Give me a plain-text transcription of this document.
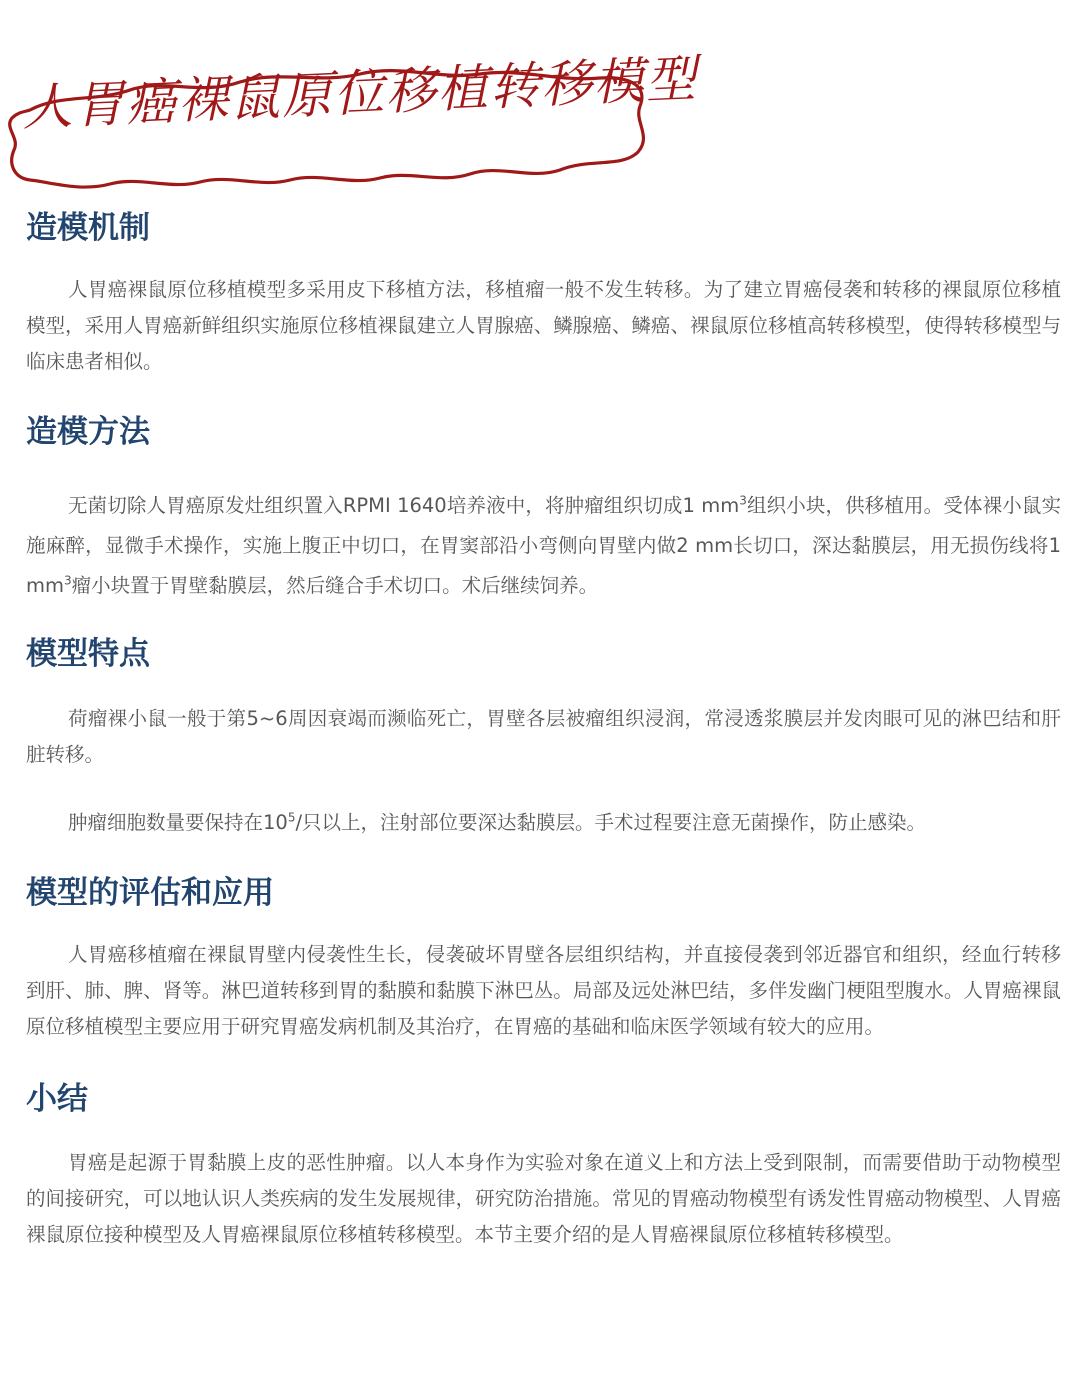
人胃癌裸鼠原位移植转移模型
造模机制

人胃癌裸鼠原位移植模型多采用皮下移植方法，移植瘤一般不发生转移。为了建立胃癌侵袭和转移的裸鼠原位移植模型，采用人胃癌新鲜组织实施原位移植裸鼠建立人胃腺癌、鳞腺癌、鳞癌、裸鼠原位移植高转移模型，使得转移模型与临床患者相似。

造模方法

无菌切除人胃癌原发灶组织置入RPMI 1640培养液中，将肿瘤组织切成1 $mm^3$组织小块，供移植用。受体裸小鼠实施麻醉，显微手术操作，实施上腹正中切口，在胃窦部沿小弯侧向胃壁内做2 mm长切口，深达黏膜层，用无损伤线将1 $mm^3$瘤小块置于胃壁黏膜层，然后缝合手术切口。术后继续饲养。

模型特点

荷瘤裸小鼠一般于第5~6周因衰竭而濒临死亡，胃壁各层被瘤组织浸润，常浸透浆膜层并发肉眼可见的淋巴结和肝脏转移。

肿瘤细胞数量要保持在$10^5/$只以上，注射部位要深达黏膜层。手术过程要注意无菌操作，防止感染。

模型的评估和应用

人胃癌移植瘤在裸鼠胃壁内侵袭性生长，侵袭破坏胃壁各层组织结构，并直接侵袭到邻近器官和组织，经血行转移到肝、肺、脾、肾等。淋巴道转移到胃的黏膜和黏膜下淋巴丛。局部及远处淋巴结，多伴发幽门梗阻型腹水。人胃癌裸鼠原位移植模型主要应用于研究胃癌发病机制及其治疗，在胃癌的基础和临床医学领域有较大的应用。

小结

胃癌是起源于胃黏膜上皮的恶性肿瘤。以人本身作为实验对象在道义上和方法上受到限制，而需要借助于动物模型的间接研究，可以地认识人类疾病的发生发展规律，研究防治措施。常见的胃癌动物模型有诱发性胃癌动物模型、人胃癌裸鼠原位接种模型及人胃癌裸鼠原位移植转移模型。本节主要介绍的是人胃癌裸鼠原位移植转移模型。
